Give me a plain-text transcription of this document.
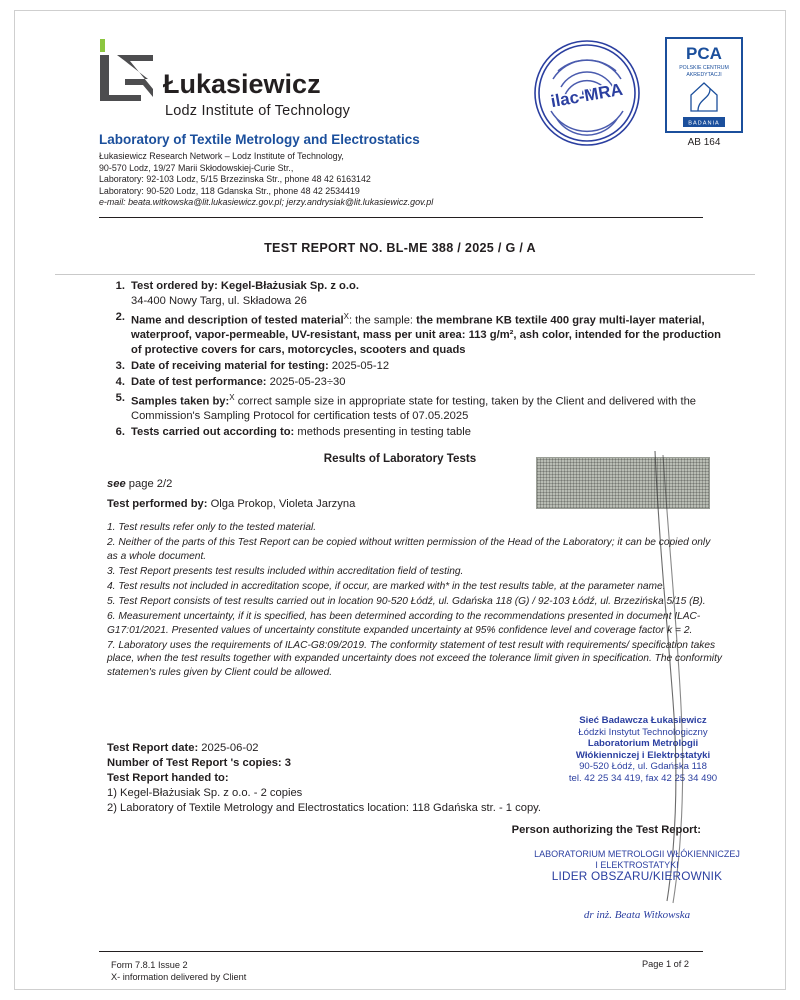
Łukasiewicz
Lodz Institute of Technology
Laboratory of Textile Metrology and Electrostatics
Łukasiewicz Research Network – Lodz Institute of Technology,
90-570 Lodz, 19/27 Marii Skłodowskiej-Curie Str.,
Laboratory: 92-103 Lodz, 5/15 Brzezinska Str., phone 48 42 6163142
Laboratory: 90-520 Lodz, 118 Gdanska Str., phone 48 42 2534419
e-mail: beata.witkowska@lit.lukasiewicz.gov.pl; jerzy.andrysiak@lit.lukasiewicz.gov.pl
ilac-MRA
PCA
POLSKIE CENTRUM
AKREDYTACJI
BADANIA
AB 164
TEST REPORT NO. BL-ME 388 / 2025 / G / A
1. Test ordered by: Kegel-Błażusiak Sp. z o.o.
34-400 Nowy Targ, ul. Składowa 26
2. Name and description of tested material$^X$: the sample: the membrane KB textile 400 gray multi-layer material, waterproof, vapor-permeable, UV-resistant, mass per unit area: 113 g/m², ash color, intended for the production of protective covers for cars, motorcycles, scooters and quads
3. Date of receiving material for testing: 2025-05-12
4. Date of test performance: 2025-05-23÷30
5. Samples taken by:$^X$ correct sample size in appropriate state for testing, taken by the Client and delivered with the Commission's Sampling Protocol for certification tests of 07.05.2025
6. Tests carried out according to: methods presenting in testing table
Results of Laboratory Tests
see page 2/2
Test performed by: Olga Prokop, Violeta Jarzyna

1. Test results refer only to the tested material.

2. Neither of the parts of this Test Report can be copied without written permission of the Head of the Laboratory; it can be copied only as a whole document.

3. Test Report presents test results included within accreditation field of testing.

4. Test results not included in accreditation scope, if occur, are marked with* in the test results table, at the parameter name.

5. Test Report consists of test results carried out in location 90-520 Łódź, ul. Gdańska 118 (G) / 92-103 Łódź, ul. Brzezińska 5/15 (B).

6. Measurement uncertainty, if it is specified, has been determined according to the recommendations presented in document ILAC-G17:01/2021. Presented values of uncertainty constitute expanded uncertainty at 95% confidence level and coverage factor k = 2.

7. Laboratory uses the requirements of ILAC-G8:09/2019. The conformity statement of test result with requirements/ specification takes place, when the test results together with expanded uncertainty does not exceed the tolerance limit given in specification. The conformity statemen's rules given by Client could be allowed.

Test Report date: 2025-06-02
Number of Test Report 's copies: 3
Test Report handed to:
1) Kegel-Błażusiak Sp. z o.o. - 2 copies
2) Laboratory of Textile Metrology and Electrostatics location: 118 Gdańska str. - 1 copy.
Person authorizing the Test Report:
Sieć Badawcza Łukasiewicz
Łódzki Instytut Technologiczny
Laboratorium Metrologii
Włókienniczej i Elektrostatyki
90-520 Łódź, ul. Gdańska 118
tel. 42 25 34 419, fax 42 25 34 490
LABORATORIUM METROLOGII WŁÓKIENNICZEJ
I ELEKTROSTATYKI
LIDER OBSZARU/KIEROWNIK
dr inż. Beata Witkowska
Form 7.8.1 Issue 2
X- information delivered by Client
Page 1 of 2
